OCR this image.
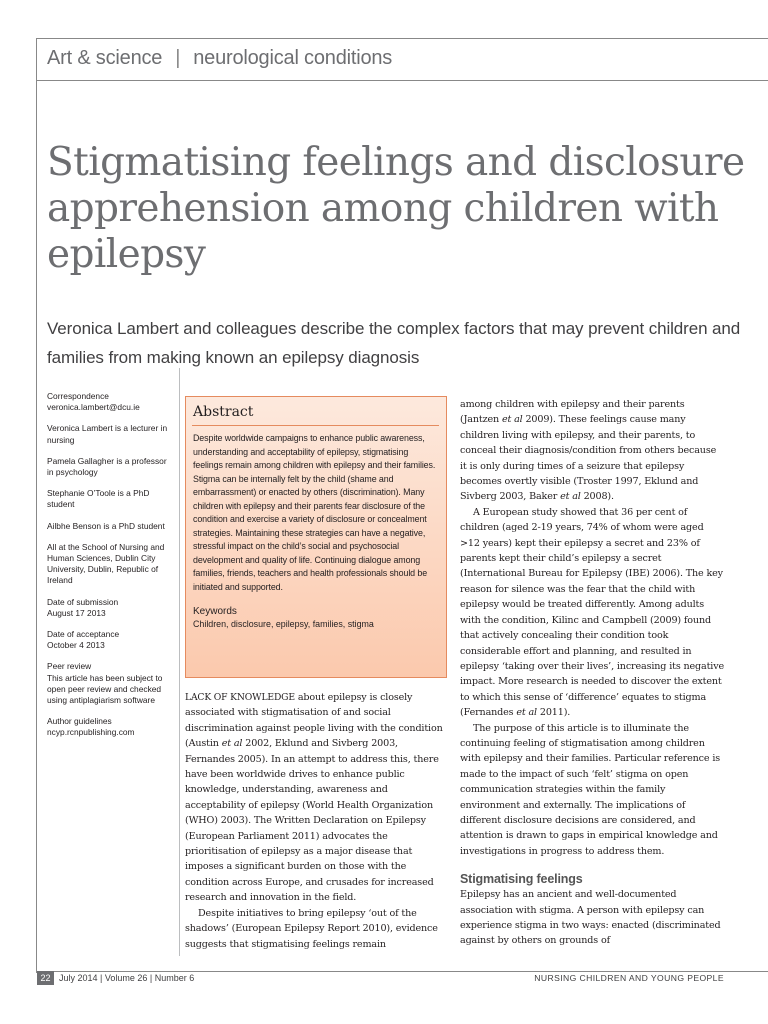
Art & science | neurological conditions
Stigmatising feelings and disclosure apprehension among children with epilepsy

Veronica Lambert and colleagues describe the complex factors that may prevent children and families from making known an epilepsy diagnosis

Correspondence
veronica.lambert@dcu.ie
Veronica Lambert is a lecturer in nursing
Pamela Gallagher is a professor in psychology
Stephanie O’Toole is a PhD student
Ailbhe Benson is a PhD student
All at the School of Nursing and Human Sciences, Dublin City University, Dublin, Republic of Ireland
Date of submission
August 17 2013
Date of acceptance
October 4 2013
Peer review
This article has been subject to open peer review and checked using antiplagiarism software
Author guidelines
ncyp.rcnpublishing.com
Abstract
Despite worldwide campaigns to enhance public awareness, understanding and acceptability of epilepsy, stigmatising feelings remain among children with epilepsy and their families. Stigma can be internally felt by the child (shame and embarrassment) or enacted by others (discrimination). Many children with epilepsy and their parents fear disclosure of the condition and exercise a variety of disclosure or concealment strategies. Maintaining these strategies can have a negative, stressful impact on the child’s social and psychosocial development and quality of life. Continuing dialogue among families, friends, teachers and health professionals should be initiated and supported.
Keywords
Children, disclosure, epilepsy, families, stigma

LACK OF KNOWLEDGE about epilepsy is closely associated with stigmatisation of and social discrimination against people living with the condition (Austin et al 2002, Eklund and Sivberg 2003, Fernandes 2005). In an attempt to address this, there have been worldwide drives to enhance public knowledge, understanding, awareness and acceptability of epilepsy (World Health Organization (WHO) 2003). The Written Declaration on Epilepsy (European Parliament 2011) advocates the prioritisation of epilepsy as a major disease that imposes a significant burden on those with the condition across Europe, and crusades for increased research and innovation in the field.

Despite initiatives to bring epilepsy ‘out of the shadows’ (European Epilepsy Report 2010), evidence suggests that stigmatising feelings remain

among children with epilepsy and their parents (Jantzen et al 2009). These feelings cause many children living with epilepsy, and their parents, to conceal their diagnosis/condition from others because it is only during times of a seizure that epilepsy becomes overtly visible (Troster 1997, Eklund and Sivberg 2003, Baker et al 2008).

A European study showed that 36 per cent of children (aged 2-19 years, 74% of whom were aged >12 years) kept their epilepsy a secret and 23% of parents kept their child’s epilepsy a secret (International Bureau for Epilepsy (IBE) 2006). The key reason for silence was the fear that the child with epilepsy would be treated differently. Among adults with the condition, Kilinc and Campbell (2009) found that actively concealing their condition took considerable effort and planning, and resulted in epilepsy ‘taking over their lives’, increasing its negative impact. More research is needed to discover the extent to which this sense of ‘difference’ equates to stigma (Fernandes et al 2011).

The purpose of this article is to illuminate the continuing feeling of stigmatisation among children with epilepsy and their families. Particular reference is made to the impact of such ‘felt’ stigma on open communication strategies within the family environment and externally. The implications of different disclosure decisions are considered, and attention is drawn to gaps in empirical knowledge and investigations in progress to address them.

Stigmatising feelings

Epilepsy has an ancient and well-documented association with stigma. A person with epilepsy can experience stigma in two ways: enacted (discriminated against by others on grounds of

22 July 2014 | Volume 26 | Number 6	NURSING CHILDREN AND YOUNG PEOPLE
